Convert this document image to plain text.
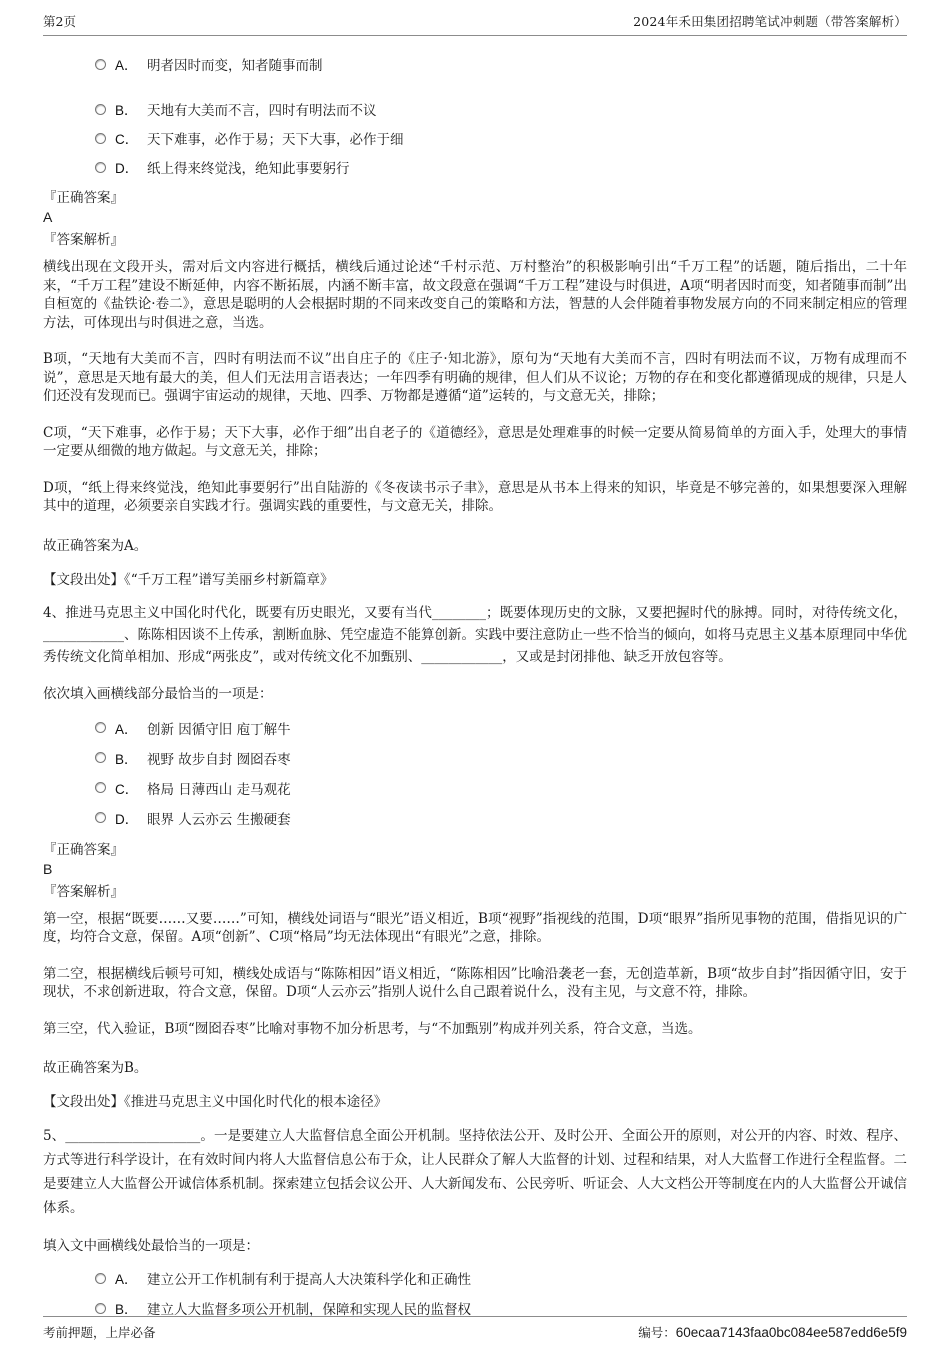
第2页	2024年禾田集团招聘笔试冲刺题（带答案解析）
A． 明者因时而变，知者随事而制
B． 天地有大美而不言，四时有明法而不议
C． 天下难事，必作于易；天下大事，必作于细
D． 纸上得来终觉浅，绝知此事要躬行
『正确答案』
A
『答案解析』

横线出现在文段开头，需对后文内容进行概括，横线后通过论述“千村示范、万村整治”的积极影响引出“千万工程”的话题，随后指出，二十年来，“千万工程”建设不断延伸，内容不断拓展，内涵不断丰富，故文段意在强调“千万工程”建设与时俱进，A项“明者因时而变，知者随事而制”出自桓宽的《盐铁论·卷二》，意思是聪明的人会根据时期的不同来改变自己的策略和方法，智慧的人会伴随着事物发展方向的不同来制定相应的管理方法，可体现出与时俱进之意，当选。

B项，“天地有大美而不言，四时有明法而不议”出自庄子的《庄子·知北游》，原句为“天地有大美而不言，四时有明法而不议，万物有成理而不说”，意思是天地有最大的美，但人们无法用言语表达；一年四季有明确的规律，但人们从不议论；万物的存在和变化都遵循现成的规律，只是人们还没有发现而已。强调宇宙运动的规律，天地、四季、万物都是遵循“道”运转的，与文意无关，排除；

C项，“天下难事，必作于易；天下大事，必作于细”出自老子的《道德经》，意思是处理难事的时候一定要从简易简单的方面入手，处理大的事情一定要从细微的地方做起。与文意无关，排除；

D项，“纸上得来终觉浅，绝知此事要躬行”出自陆游的《冬夜读书示子聿》，意思是从书本上得来的知识，毕竟是不够完善的，如果想要深入理解其中的道理，必须要亲自实践才行。强调实践的重要性，与文意无关，排除。

故正确答案为A。
【文段出处】《“千万工程”谱写美丽乡村新篇章》
4、推进马克思主义中国化时代化，既要有历史眼光，又要有当代________；既要体现历史的文脉，又要把握时代的脉搏。同时，对待传统文化，____________、陈陈相因谈不上传承，割断血脉、凭空虚造不能算创新。实践中要注意防止一些不恰当的倾向，如将马克思主义基本原理同中华优秀传统文化简单相加、形成“两张皮”，或对传统文化不加甄别、____________，又或是封闭排他、缺乏开放包容等。
依次填入画横线部分最恰当的一项是：
A． 创新 因循守旧 庖丁解牛
B． 视野 故步自封 囫囵吞枣
C． 格局 日薄西山 走马观花
D． 眼界 人云亦云 生搬硬套
『正确答案』
B
『答案解析』

第一空，根据“既要……又要……”可知，横线处词语与“眼光”语义相近，B项“视野”指视线的范围，D项“眼界”指所见事物的范围，借指见识的广度，均符合文意，保留。A项“创新”、C项“格局”均无法体现出“有眼光”之意，排除。

第二空，根据横线后顿号可知，横线处成语与“陈陈相因”语义相近，“陈陈相因”比喻沿袭老一套，无创造革新，B项“故步自封”指因循守旧，安于现状，不求创新进取，符合文意，保留。D项“人云亦云”指别人说什么自己跟着说什么，没有主见，与文意不符，排除。

第三空，代入验证，B项“囫囵吞枣”比喻对事物不加分析思考，与“不加甄别”构成并列关系，符合文意，当选。

故正确答案为B。
【文段出处】《推进马克思主义中国化时代化的根本途径》
5、____________________。一是要建立人大监督信息全面公开机制。坚持依法公开、及时公开、全面公开的原则，对公开的内容、时效、程序、方式等进行科学设计，在有效时间内将人大监督信息公布于众，让人民群众了解人大监督的计划、过程和结果，对人大监督工作进行全程监督。二是要建立人大监督公开诚信体系机制。探索建立包括会议公开、人大新闻发布、公民旁听、听证会、人大文档公开等制度在内的人大监督公开诚信体系。
填入文中画横线处最恰当的一项是：
A． 建立公开工作机制有利于提高人大决策科学化和正确性
B． 建立人大监督多项公开机制，保障和实现人民的监督权
考前押题，上岸必备	编号：60ecaa7143faa0bc084ee587edd6e5f9
